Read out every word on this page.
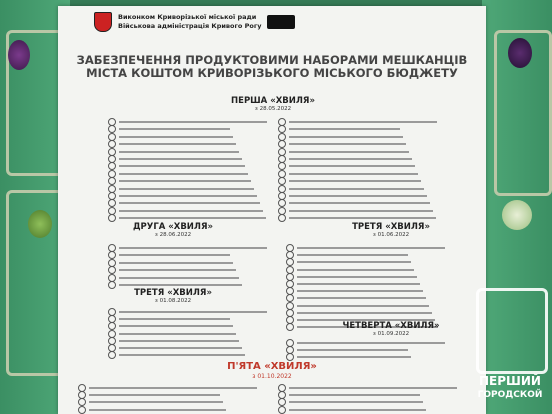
Виконком Криворізької міської ради
Військова адміністрація Кривого Рогу
ЗАБЕЗПЕЧЕННЯ ПРОДУКТОВИМИ НАБОРАМИ МЕШКАНЦІВ
МІСТА КОШТОМ КРИВОРІЗЬКОГО МІСЬКОГО БЮДЖЕТУ
ПЕРША «ХВИЛЯ»
з 28.05.2022
ДРУГА «ХВИЛЯ»
з 28.06.2022
ТРЕТЯ «ХВИЛЯ»
з 01.06.2022
ТРЕТЯ «ХВИЛЯ»
з 01.08.2022
ЧЕТВЕРТА «ХВИЛЯ»
з 01.09.2022
П'ЯТА «ХВИЛЯ»
з 01.10.2022	ПЕРШИЙ
ГОРОДСКОЙ
